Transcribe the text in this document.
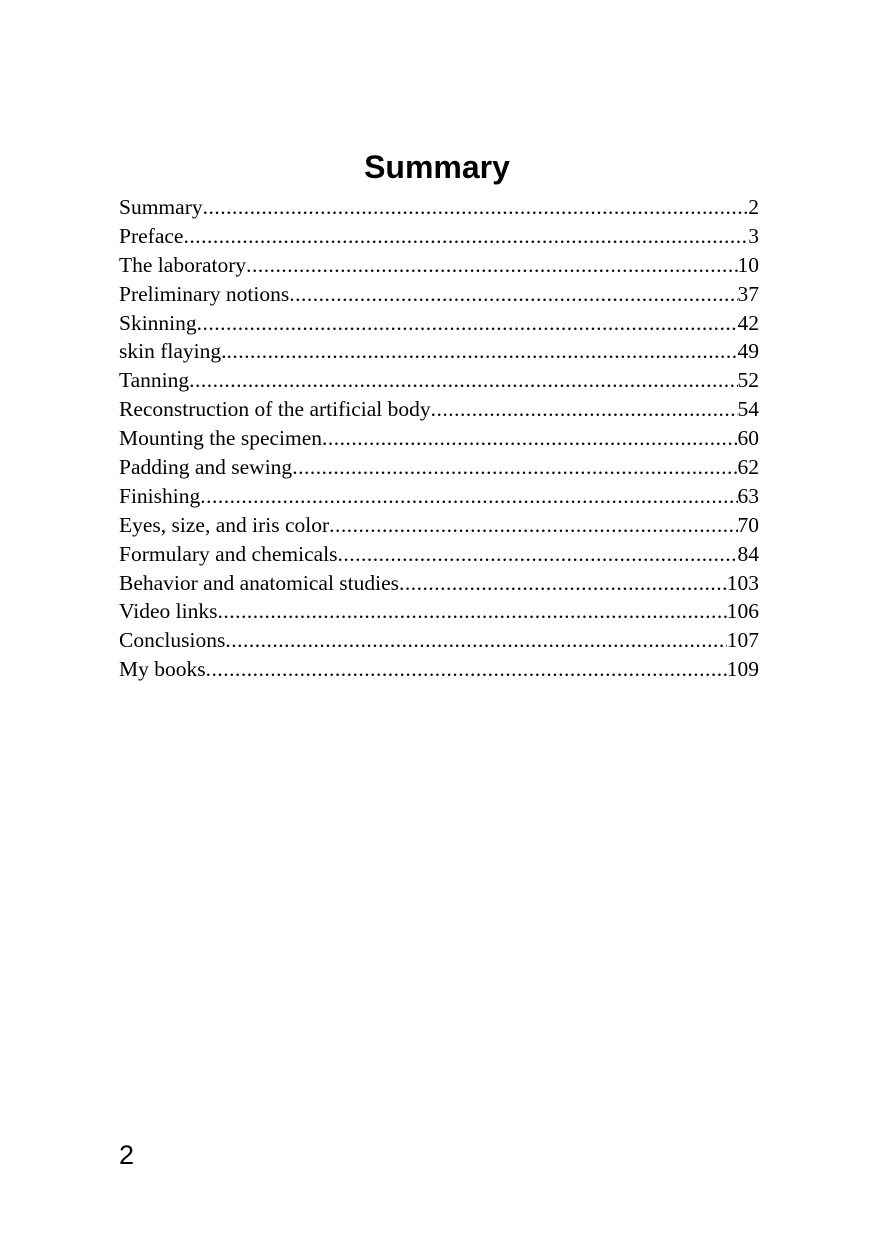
Summary
Summary .....	2
Preface .....	3
The laboratory .....	10
Preliminary notions .....	37
Skinning .....	42
skin flaying. .....	49
Tanning .....	52
Reconstruction of the artificial body .....	54
Mounting the specimen .....	60
Padding and sewing .....	62
Finishing .....	63
Eyes, size, and iris color .....	70
Formulary and chemicals .....	84
Behavior and anatomical studies .....	103
Video links .....	106
Conclusions .....	107
My books .....	109
2
